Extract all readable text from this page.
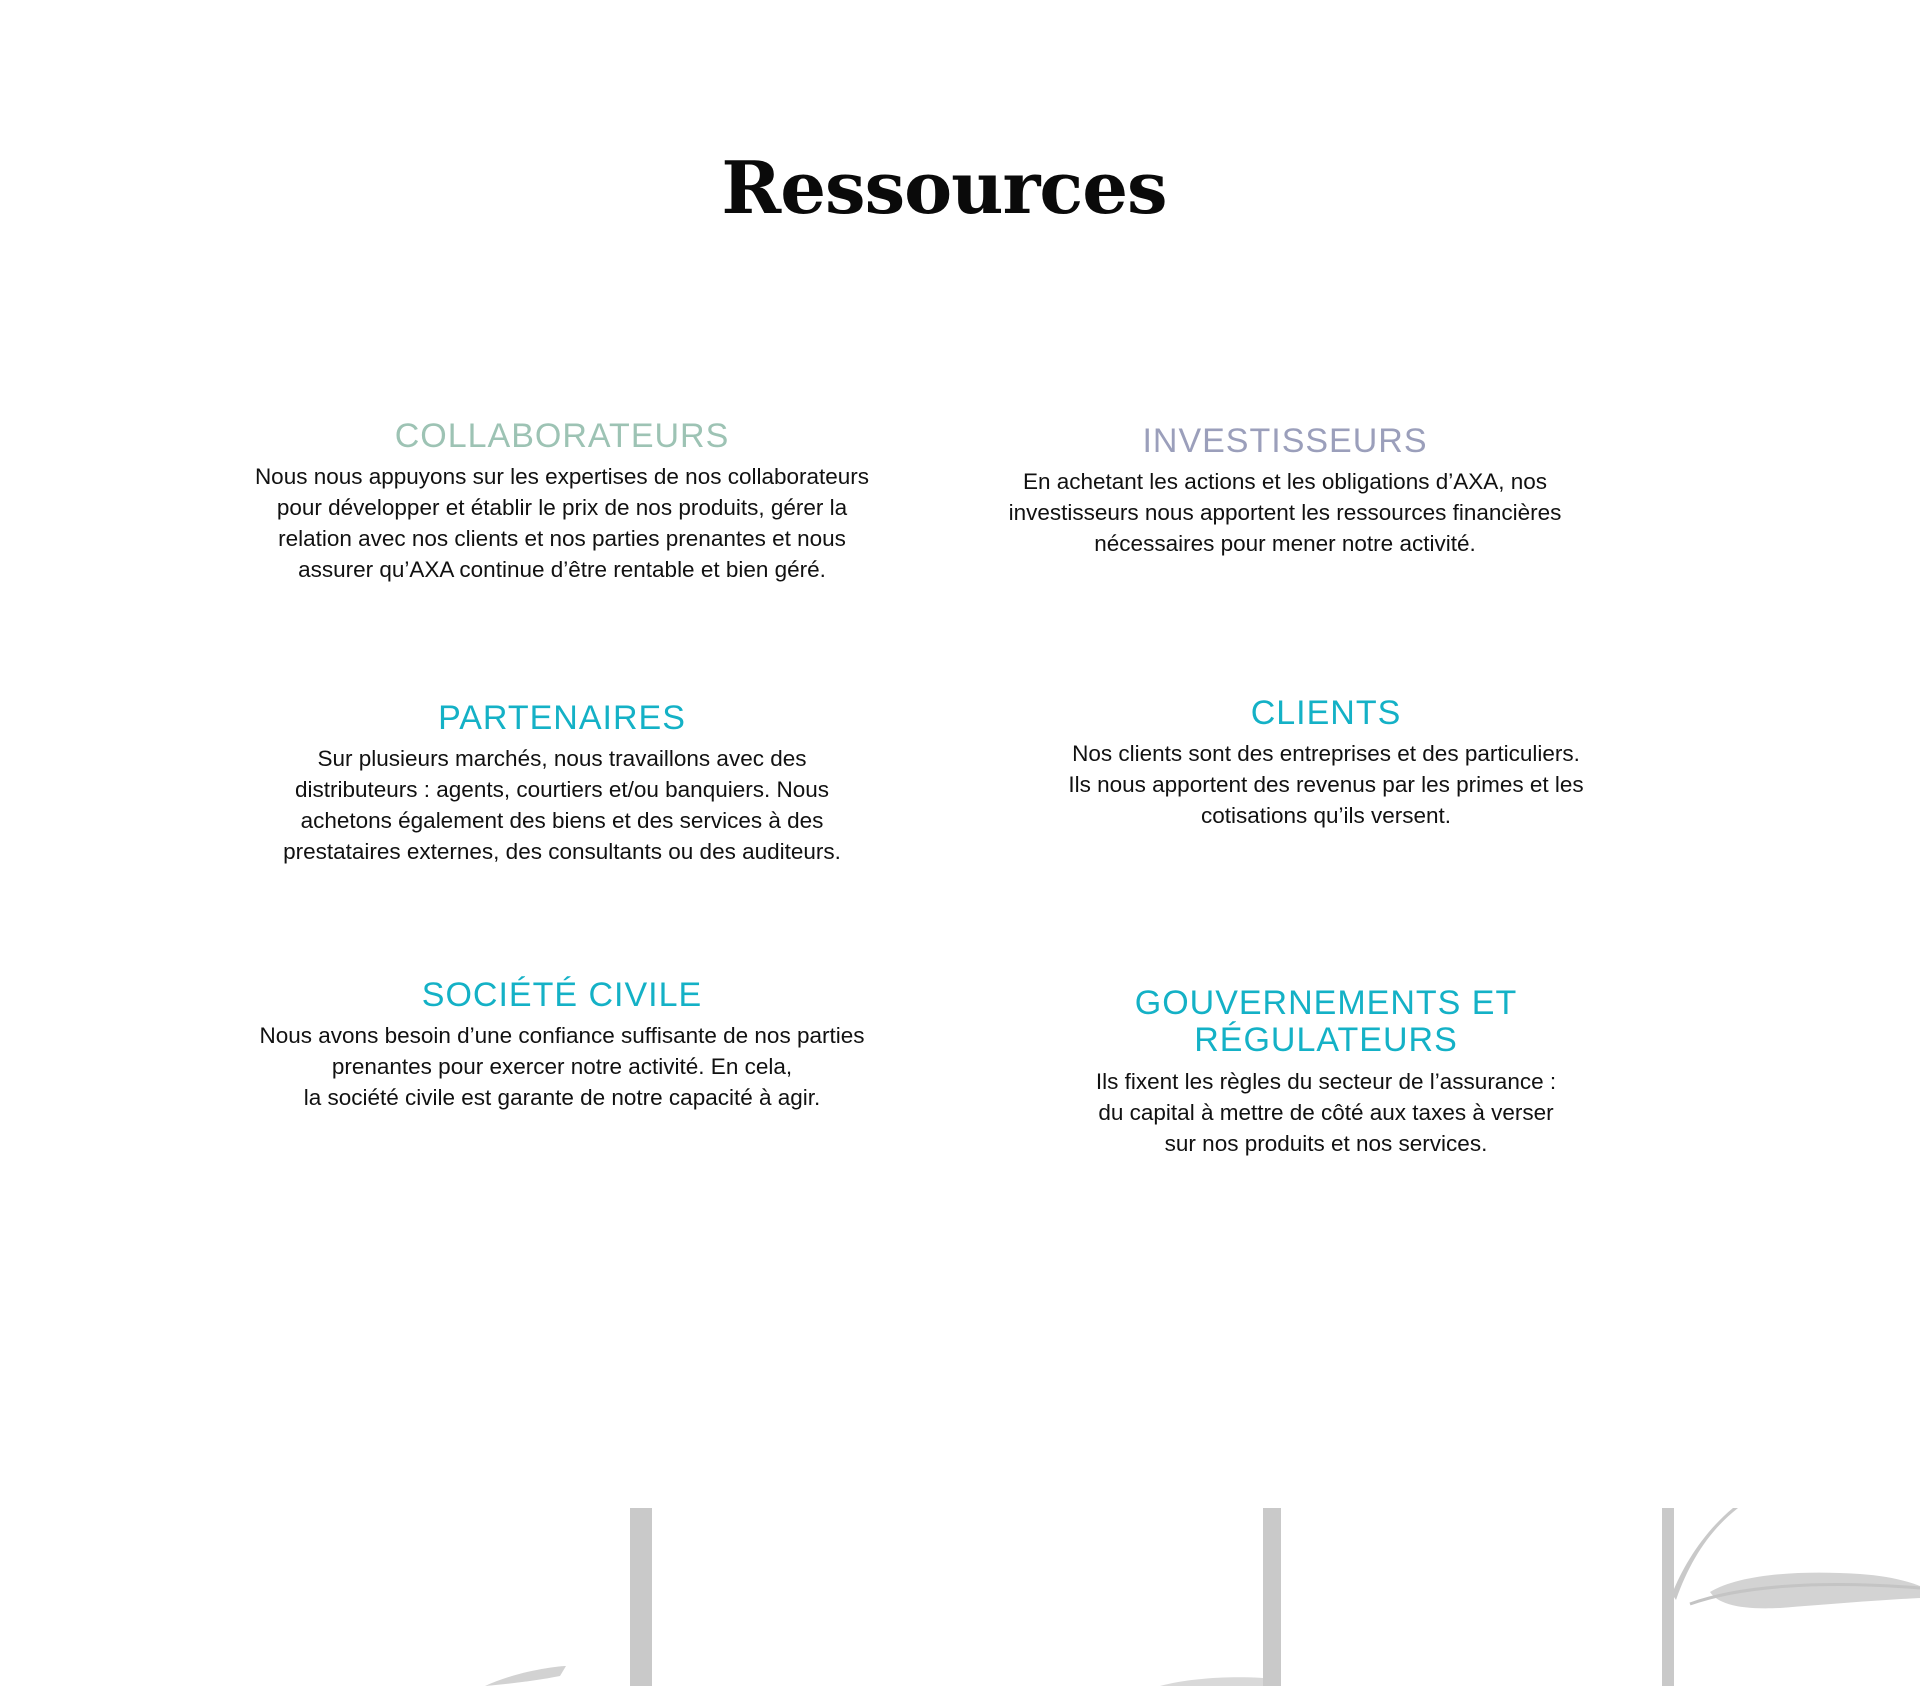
Ressources
COLLABORATEURS

Nous nous appuyons sur les expertises de nos collaborateurs
pour développer et établir le prix de nos produits, gérer la
relation avec nos clients et nos parties prenantes et nous
assurer qu’AXA continue d’être rentable et bien géré.

INVESTISSEURS

En achetant les actions et les obligations d’AXA, nos
investisseurs nous apportent les ressources financières
nécessaires pour mener notre activité.

PARTENAIRES

Sur plusieurs marchés, nous travaillons avec des
distributeurs : agents, courtiers et/ou banquiers. Nous
achetons également des biens et des services à des
prestataires externes, des consultants ou des auditeurs.

CLIENTS

Nos clients sont des entreprises et des particuliers.
Ils nous apportent des revenus par les primes et les
cotisations qu’ils versent.

SOCIÉTÉ CIVILE

Nous avons besoin d’une confiance suffisante de nos parties
prenantes pour exercer notre activité. En cela,
la société civile est garante de notre capacité à agir.

GOUVERNEMENTS ET RÉGULATEURS

Ils fixent les règles du secteur de l’assurance :
du capital à mettre de côté aux taxes à verser
sur nos produits et nos services.
